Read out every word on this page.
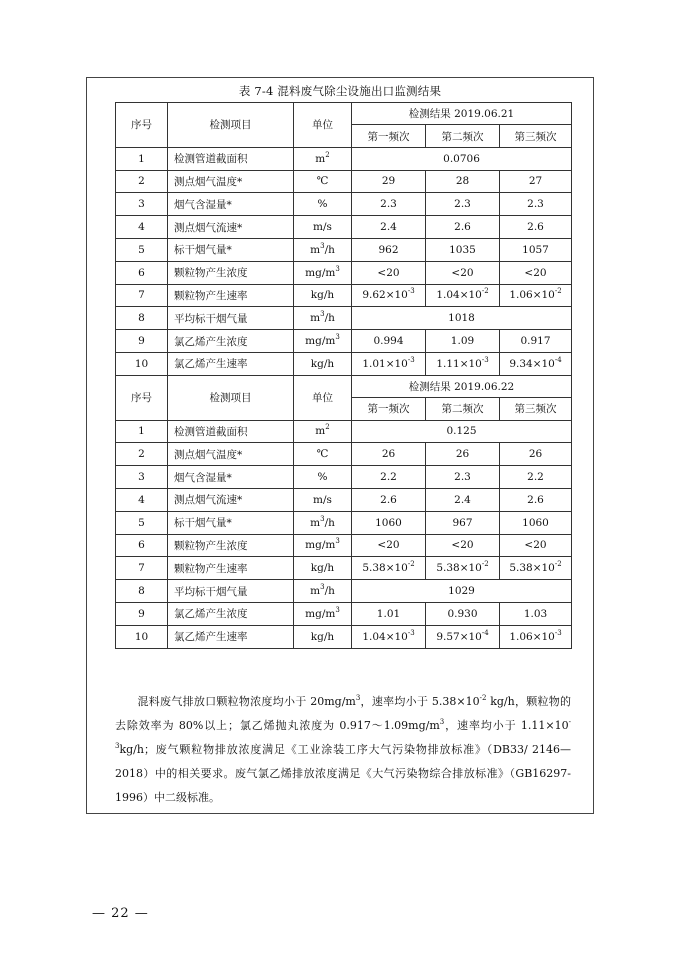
表 7-4 混料废气除尘设施出口监测结果
序号	检测项目	单位	检测结果 2019.06.21		
			第一频次	第二频次	第三频次
1	检测管道截面积	$m^2$	0.0706		
2	测点烟气温度*	℃	29	28	27
3	烟气含湿量*	%	2.3	2.3	2.3
4	测点烟气流速*	m/s	2.4	2.6	2.6
5	标干烟气量*	$m^3/h$	962	1035	1057
6	颗粒物产生浓度	$mg/m^3$	<20	<20	<20
7	颗粒物产生速率	kg/h	$9.62\times 10^{-3}$	$1.04\times 10^{-2}$	$1.06\times 10^{-2}$
8	平均标干烟气量	$m^3/h$	1018		
9	氯乙烯产生浓度	$mg/m^3$	0.994	1.09	0.917
10	氯乙烯产生速率	kg/h	$1.01\times 10^{-3}$	$1.11\times 10^{-3}$	$9.34\times 10^{-4}$
序号	检测项目	单位	检测结果 2019.06.22		
			第一频次	第二频次	第三频次
1	检测管道截面积	$m^2$	0.125		
2	测点烟气温度*	℃	26	26	26
3	烟气含湿量*	%	2.2	2.3	2.2
4	测点烟气流速*	m/s	2.6	2.4	2.6
5	标干烟气量*	$m^3/h$	1060	967	1060
6	颗粒物产生浓度	$mg/m^3$	<20	<20	<20
7	颗粒物产生速率	kg/h	$5.38\times 10^{-2}$	$5.38\times 10^{-2}$	$5.38\times 10^{-2}$
8	平均标干烟气量	$m^3/h$	1029		
9	氯乙烯产生浓度	$mg/m^3$	1.01	0.930	1.03
10	氯乙烯产生速率	kg/h	$1.04\times 10^{-3}$	$9.57\times 10^{-4}$	$1.06\times 10^{-3}$

　　混料废气排放口颗粒物浓度均小于 $20mg/m^3$，速率均小于 $5.38\times 10^{-2}$ kg/h，颗粒物的去除效率为 80%以上；氯乙烯抛丸浓度为 $0.917\sim 1.09mg/m^3$，速率均小于 $1.11\times 10^{-3}kg/h$；废气颗粒物排放浓度满足《工业涂装工序大气污染物排放标准》（DB33/ 2146—2018）中的相关要求。废气氯乙烯排放浓度满足《大气污染物综合排放标准》（GB16297-1996）中二级标准。

— 22 —
